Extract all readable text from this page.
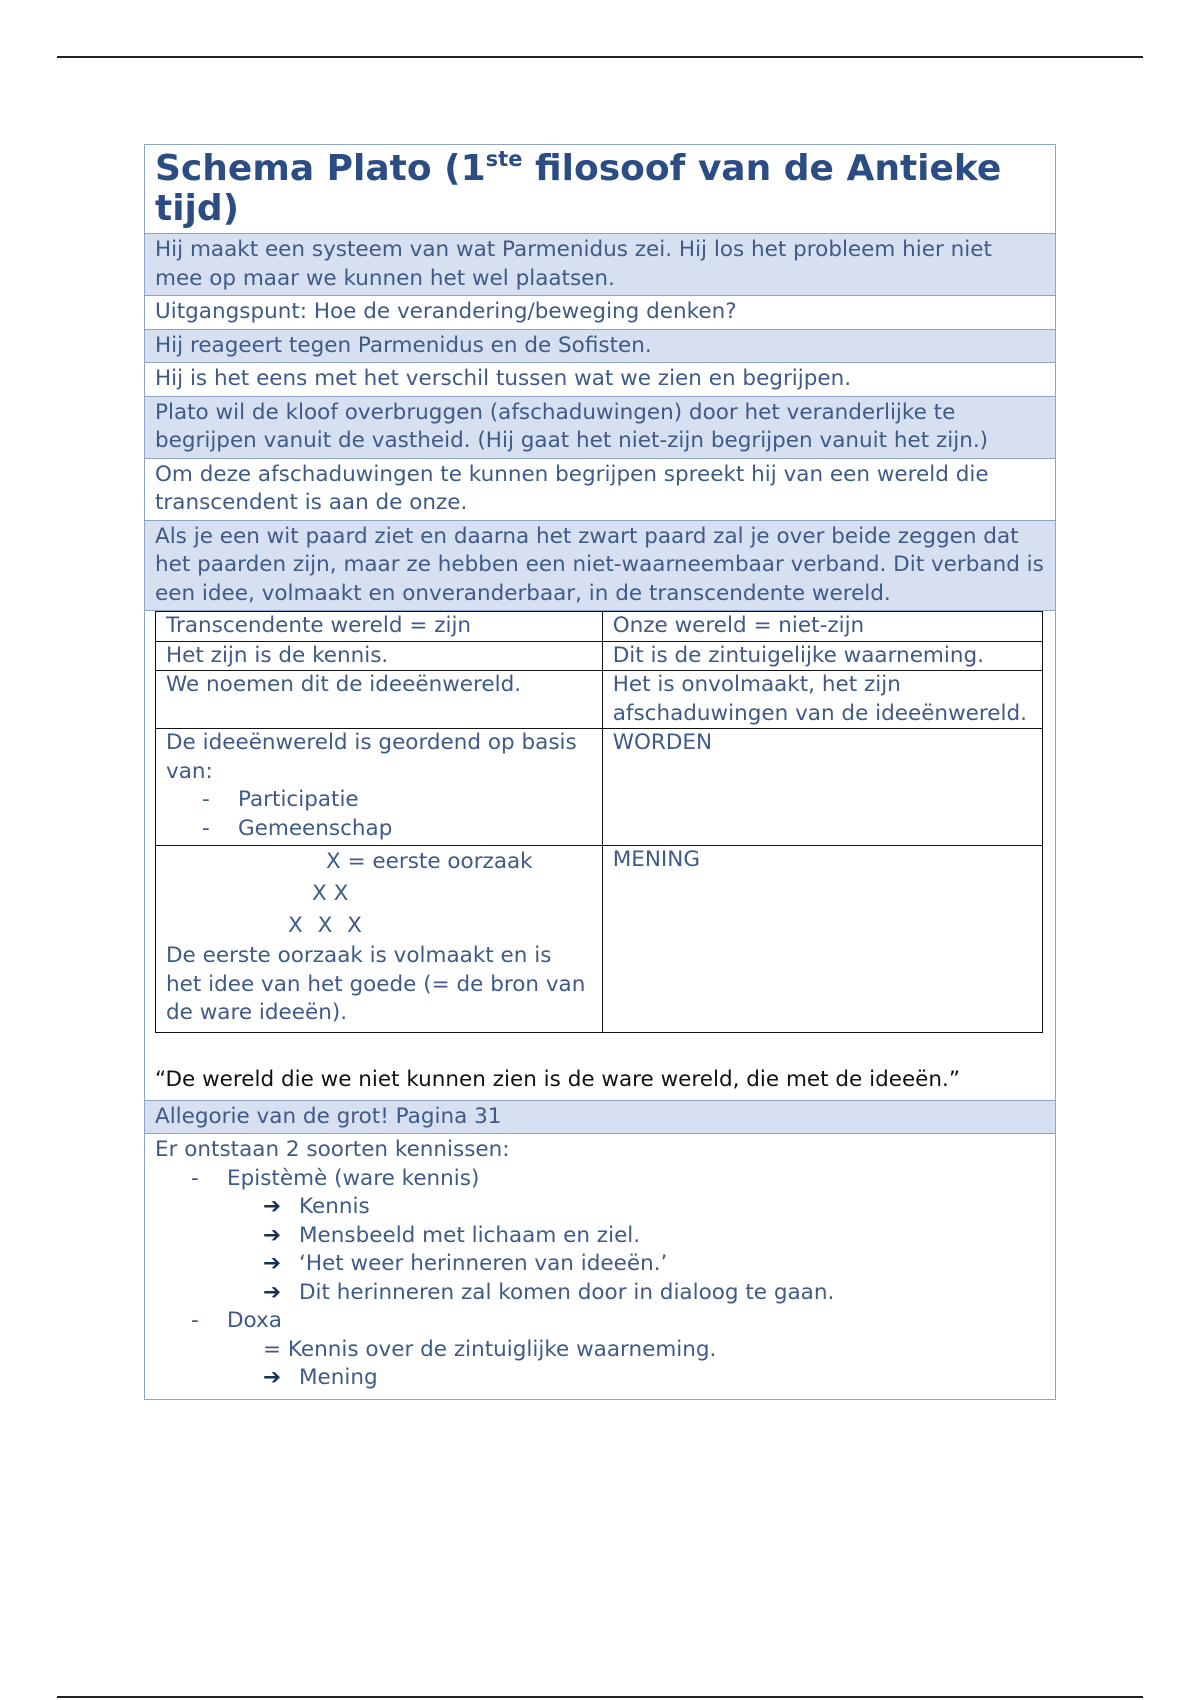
Schema Plato (1ste filosoof van de Antieke tijd)
Hij maakt een systeem van wat Parmenidus zei. Hij los het probleem hier niet mee op maar we kunnen het wel plaatsen.
Uitgangspunt: Hoe de verandering/beweging denken?
Hij reageert tegen Parmenidus en de Sofisten.
Hij is het eens met het verschil tussen wat we zien en begrijpen.
Plato wil de kloof overbruggen (afschaduwingen) door het veranderlijke te begrijpen vanuit de vastheid. (Hij gaat het niet-zijn begrijpen vanuit het zijn.)
Om deze afschaduwingen te kunnen begrijpen spreekt hij van een wereld die transcendent is aan de onze.
Als je een wit paard ziet en daarna het zwart paard zal je over beide zeggen dat het paarden zijn, maar ze hebben een niet-waarneembaar verband. Dit verband is een idee, volmaakt en onveranderbaar, in de transcendente wereld.
Transcendente wereld = zijn	Onze wereld = niet-zijn
Het zijn is de kennis.	Dit is de zintuigelijke waarneming.
We noemen dit de ideeënwereld.	Het is onvolmaakt, het zijn afschaduwingen van de ideeënwereld.

De ideeënwereld is geordend op basis van:
- Participatie
- Gemeenschap	WORDEN

X = eerste oorzaak
X X
X X X
De eerste oorzaak is volmaakt en is het idee van het goede (= de bron van de ware ideeën).	MENING
“De wereld die we niet kunnen zien is de ware wereld, die met de ideeën.”
Allegorie van de grot! Pagina 31
Er ontstaan 2 soorten kennissen:
- Epistèmè (ware kennis)
➔ Kennis
➔ Mensbeeld met lichaam en ziel.
➔ ‘Het weer herinneren van ideeën.’
➔ Dit herinneren zal komen door in dialoog te gaan.
- Doxa
= Kennis over de zintuiglijke waarneming.
➔ Mening
